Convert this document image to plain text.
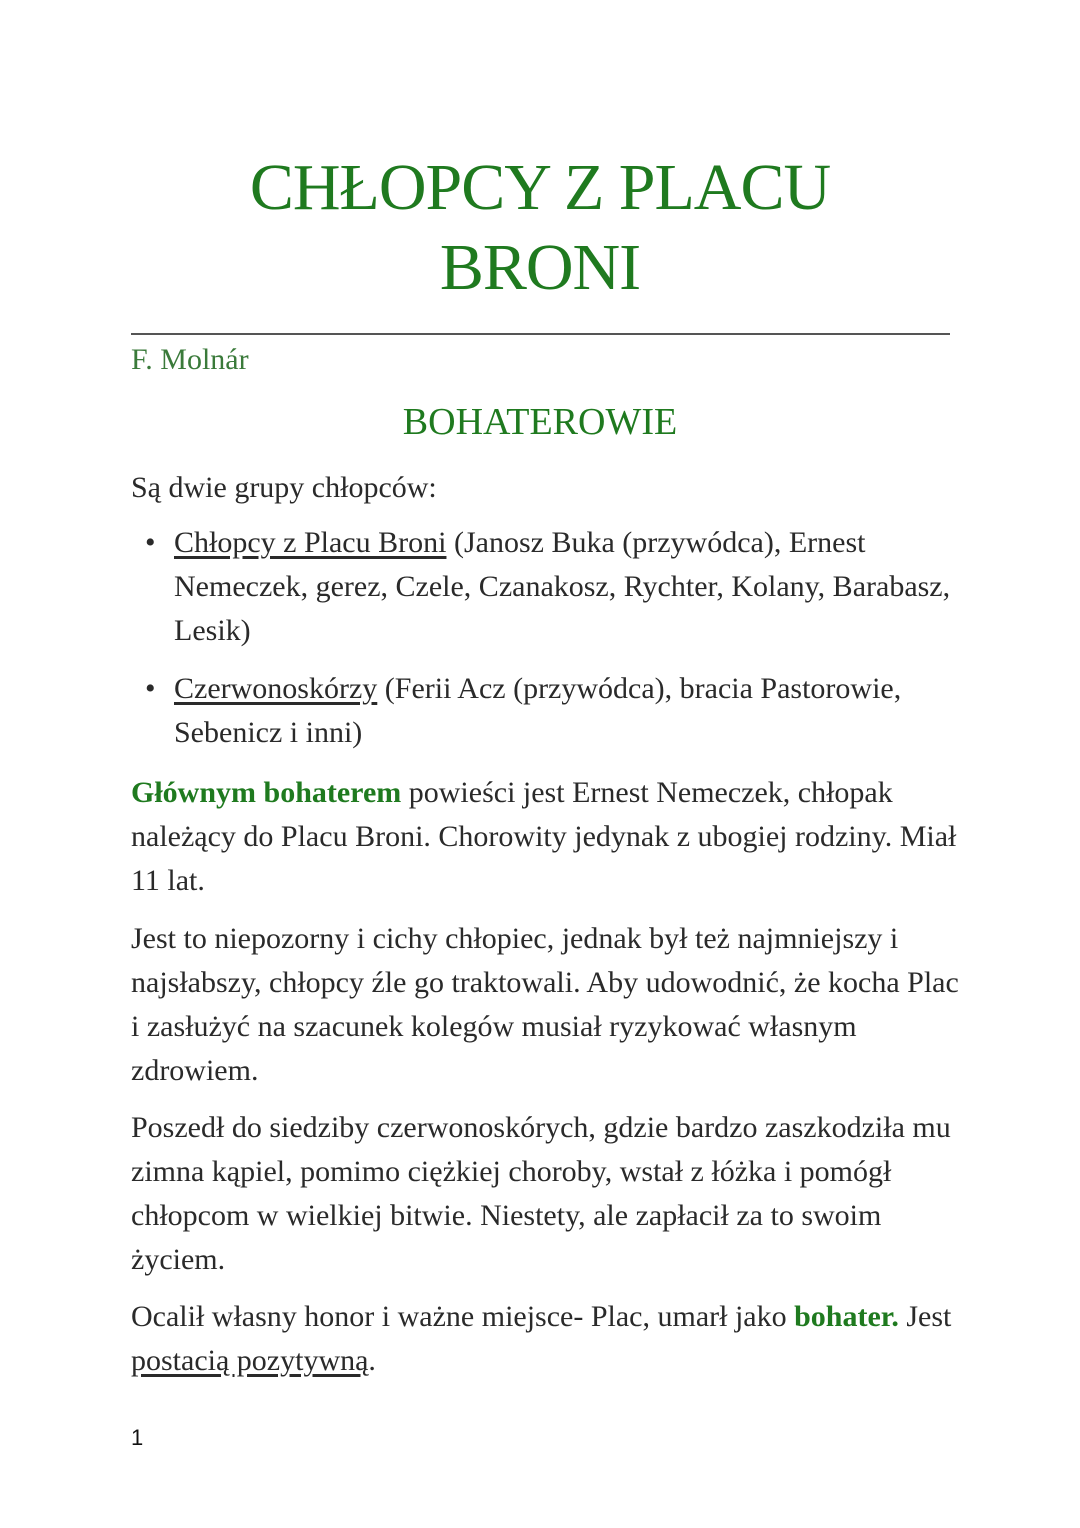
CHŁOPCY Z PLACU
BRONI
F. Molnár
BOHATEROWIE

Są dwie grupy chłopców:

• Chłopcy z Placu Broni (Janosz Buka (przywódca), Ernest Nemeczek, gerez, Czele, Czanakosz, Rychter, Kolany, Barabasz, Lesik)
• Czerwonoskórzy (Ferii Acz (przywódca), bracia Pastorowie, Sebenicz i inni)

Głównym bohaterem powieści jest Ernest Nemeczek, chłopak należący do Placu Broni. Chorowity jedynak z ubogiej rodziny. Miał 11 lat.

Jest to niepozorny i cichy chłopiec, jednak był też najmniejszy i najsłabszy, chłopcy źle go traktowali. Aby udowodnić, że kocha Plac i zasłużyć na szacunek kolegów musiał ryzykować własnym zdrowiem.

Poszedł do siedziby czerwonoskórych, gdzie bardzo zaszkodziła mu zimna kąpiel, pomimo ciężkiej choroby, wstał z łóżka i pomógł chłopcom w wielkiej bitwie. Niestety, ale zapłacił za to swoim życiem.

Ocalił własny honor i ważne miejsce- Plac, umarł jako bohater. Jest postacią pozytywną.

1
